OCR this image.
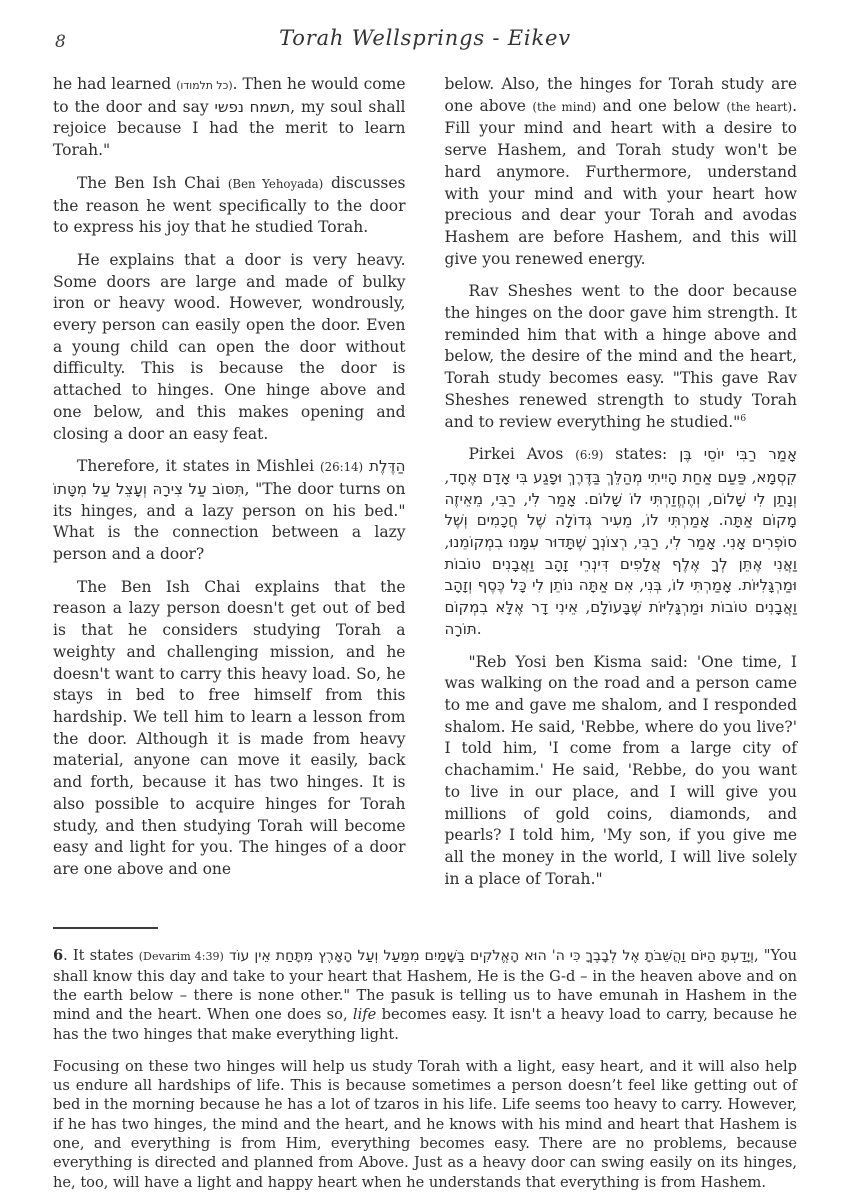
8	Torah Wellsprings - Eikev

he had learned (כל תלמודו). Then he would come to the door and say תשמח נפשי, my soul shall rejoice because I had the merit to learn Torah."

The Ben Ish Chai (Ben Yehoyada) discusses the reason he went specifically to the door to express his joy that he studied Torah.

He explains that a door is very heavy. Some doors are large and made of bulky iron or heavy wood. However, wondrously, every person can easily open the door. Even a young child can open the door without difficulty. This is because the door is attached to hinges. One hinge above and one below, and this makes opening and closing a door an easy feat.

Therefore, it states in Mishlei (26:14) הַדֶּלֶת תִּסּוֹב עַל צִירָהּ וְעָצֵל עַל מִטָּתוֹ, "The door turns on its hinges, and a lazy person on his bed." What is the connection between a lazy person and a door?

The Ben Ish Chai explains that the reason a lazy person doesn't get out of bed is that he considers studying Torah a weighty and challenging mission, and he doesn't want to carry this heavy load. So, he stays in bed to free himself from this hardship. We tell him to learn a lesson from the door. Although it is made from heavy material, anyone can move it easily, back and forth, because it has two hinges. It is also possible to acquire hinges for Torah study, and then studying Torah will become easy and light for you. The hinges of a door are one above and one

below. Also, the hinges for Torah study are one above (the mind) and one below (the heart). Fill your mind and heart with a desire to serve Hashem, and Torah study won't be hard anymore. Furthermore, understand with your mind and with your heart how precious and dear your Torah and avodas Hashem are before Hashem, and this will give you renewed energy.

Rav Sheshes went to the door because the hinges on the door gave him strength. It reminded him that with a hinge above and below, the desire of the mind and the heart, Torah study becomes easy. "This gave Rav Sheshes renewed strength to study Torah and to review everything he studied."$^6$

Pirkei Avos (6:9) states: אָמַר רַבִּי יוֹסֵי בֶּן קִסְמָא, פַּעַם אַחַת הָיִיתִי מְהַלֵּךְ בַּדֶּרֶךְ וּפָגַע בִּי אָדָם אֶחָד, וְנָתַן לִי שָׁלוֹם, וְהֶחֱזַרְתִּי לוֹ שָׁלוֹם. אָמַר לִי, רַבִּי, מֵאֵיזֶה מָקוֹם אַתָּה. אָמַרְתִּי לוֹ, מֵעִיר גְּדוֹלָה שֶׁל חֲכָמִים וְשֶׁל סוֹפְרִים אָנִי. אָמַר לִי, רַבִּי, רְצוֹנְךָ שֶׁתָּדוּר עִמָּנוּ בִמְקוֹמֵנוּ, וַאֲנִי אֶתֵּן לְךָ אֶלֶף אֲלָפִים דִּינְרֵי זָהָב וַאֲבָנִים טוֹבוֹת וּמַרְגָּלִיּוֹת. אָמַרְתִּי לוֹ, בְּנִי, אִם אַתָּה נוֹתֵן לִי כָּל כֶּסֶף וְזָהָב וַאֲבָנִים טוֹבוֹת וּמַרְגָּלִיּוֹת שֶׁבָּעוֹלָם, אֵינִי דָר אֶלָּא בִמְקוֹם תּוֹרָה.

"Reb Yosi ben Kisma said: 'One time, I was walking on the road and a person came to me and gave me shalom, and I responded shalom. He said, 'Rebbe, where do you live?' I told him, 'I come from a large city of chachamim.' He said, 'Rebbe, do you want to live in our place, and I will give you millions of gold coins, diamonds, and pearls? I told him, 'My son, if you give me all the money in the world, I will live solely in a place of Torah."

6. It states (Devarim 4:39) וְיָדַעְתָּ הַיּוֹם וַהֲשֵׁבֹתָ אֶל לְבָבֶךָ כִּי ה' הוּא הָאֱלֹקִים בַּשָּׁמַיִם מִמַּעַל וְעַל הָאָרֶץ מִתָּחַת אֵין עוֹד, "You shall know this day and take to your heart that Hashem, He is the G-d – in the heaven above and on the earth below – there is none other." The pasuk is telling us to have emunah in Hashem in the mind and the heart. When one does so, life becomes easy. It isn't a heavy load to carry, because he has the two hinges that make everything light.

Focusing on these two hinges will help us study Torah with a light, easy heart, and it will also help us endure all hardships of life. This is because sometimes a person doesn’t feel like getting out of bed in the morning because he has a lot of tzaros in his life. Life seems too heavy to carry. However, if he has two hinges, the mind and the heart, and he knows with his mind and heart that Hashem is one, and everything is from Him, everything becomes easy. There are no problems, because everything is directed and planned from Above. Just as a heavy door can swing easily on its hinges, he, too, will have a light and happy heart when he understands that everything is from Hashem.
